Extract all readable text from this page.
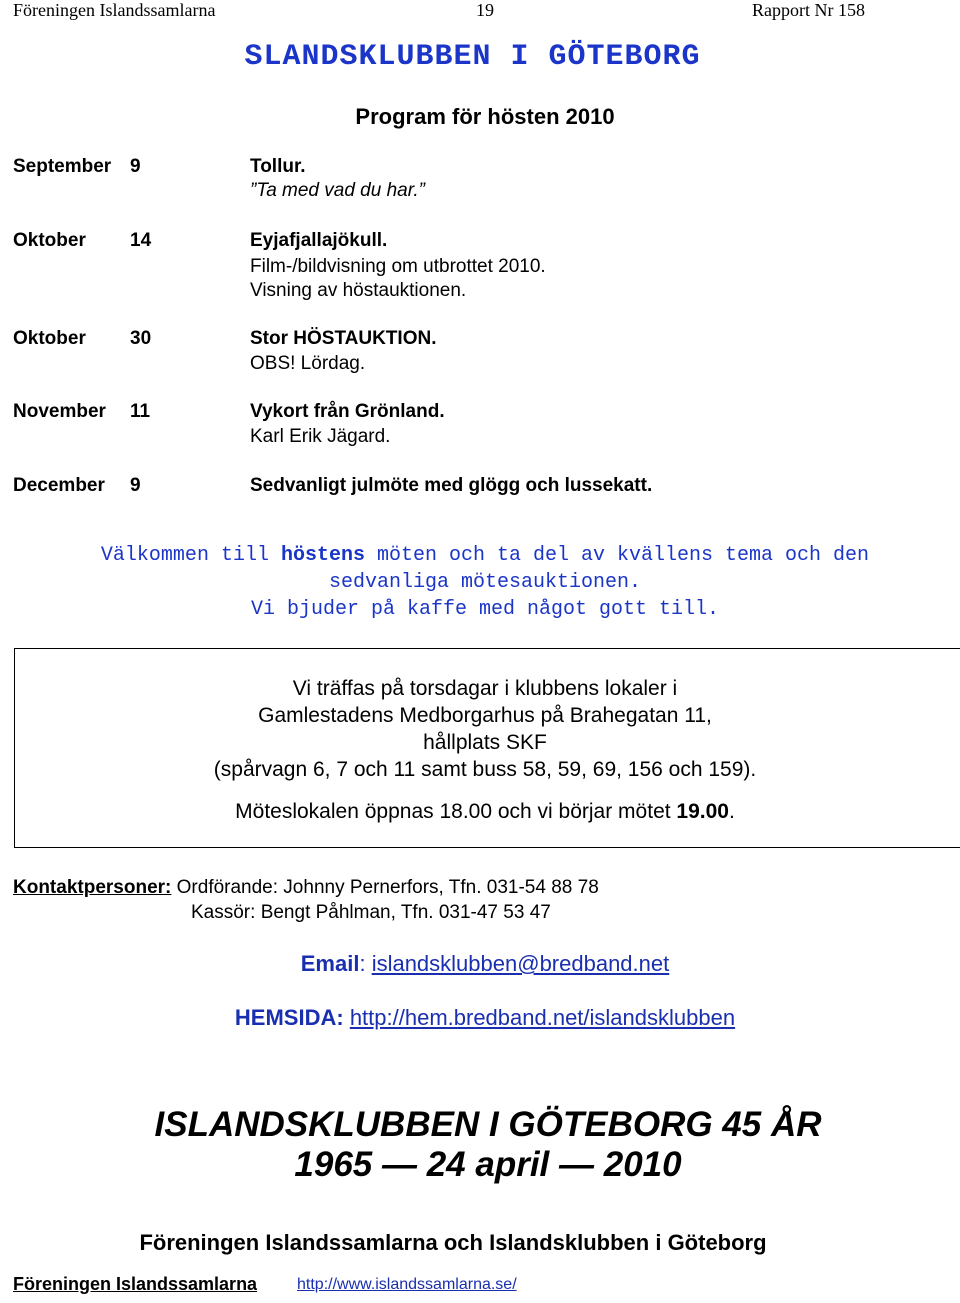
Föreningen Islandssamlarna	19	Rapport Nr 158
SLANDSKLUBBEN I GÖTEBORG
Program för hösten 2010
September 9	Tollur.
”Ta med vad du har.”
Oktober 14	Eyjafjallajökull.
Film-/bildvisning om utbrottet 2010.
Visning av höstauktionen.
Oktober 30	Stor HÖSTAUKTION.
OBS! Lördag.
November 11	Vykort från Grönland.
Karl Erik Jägard.
December 9	Sedvanligt julmöte med glögg och lussekatt.
Välkommen till höstens möten och ta del av kvällens tema och den
sedvanliga mötesauktionen.
Vi bjuder på kaffe med något gott till.
Vi träffas på torsdagar i klubbens lokaler i
Gamlestadens Medborgarhus på Brahegatan 11,
hållplats SKF
(spårvagn 6, 7 och 11 samt buss 58, 59, 69, 156 och 159).
Möteslokalen öppnas 18.00 och vi börjar mötet 19.00.
Kontaktpersoner: Ordförande: Johnny Pernerfors, Tfn. 031-54 88 78
Kassör: Bengt Påhlman, Tfn. 031-47 53 47
Email: islandsklubben@bredband.net
HEMSIDA: http://hem.bredband.net/islandsklubben
ISLANDSKLUBBEN I GÖTEBORG 45 ÅR
1965 — 24 april — 2010
Föreningen Islandssamlarna och Islandsklubben i Göteborg
Föreningen Islandssamlarna http://www.islandssamlarna.se/
